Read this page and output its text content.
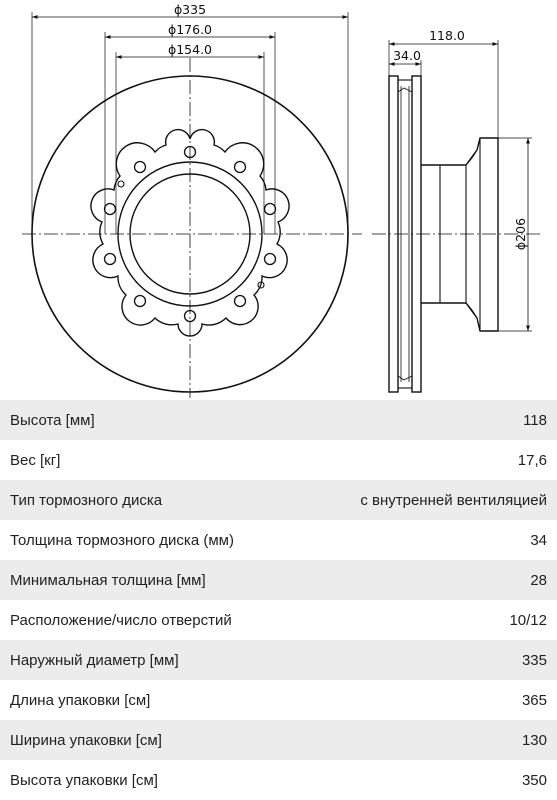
ϕ335
ϕ176.0
ϕ154.0
118.0
34.0
ϕ206
Высота [мм]	118
Вес [кг]	17,6
Тип тормозного диска	с внутренней вентиляцией
Толщина тормозного диска (мм)	34
Минимальная толщина [мм]	28
Расположение/число отверстий	10/12
Наружный диаметр [мм]	335
Длина упаковки [см]	365
Ширина упаковки [см]	130
Высота упаковки [см]	350
